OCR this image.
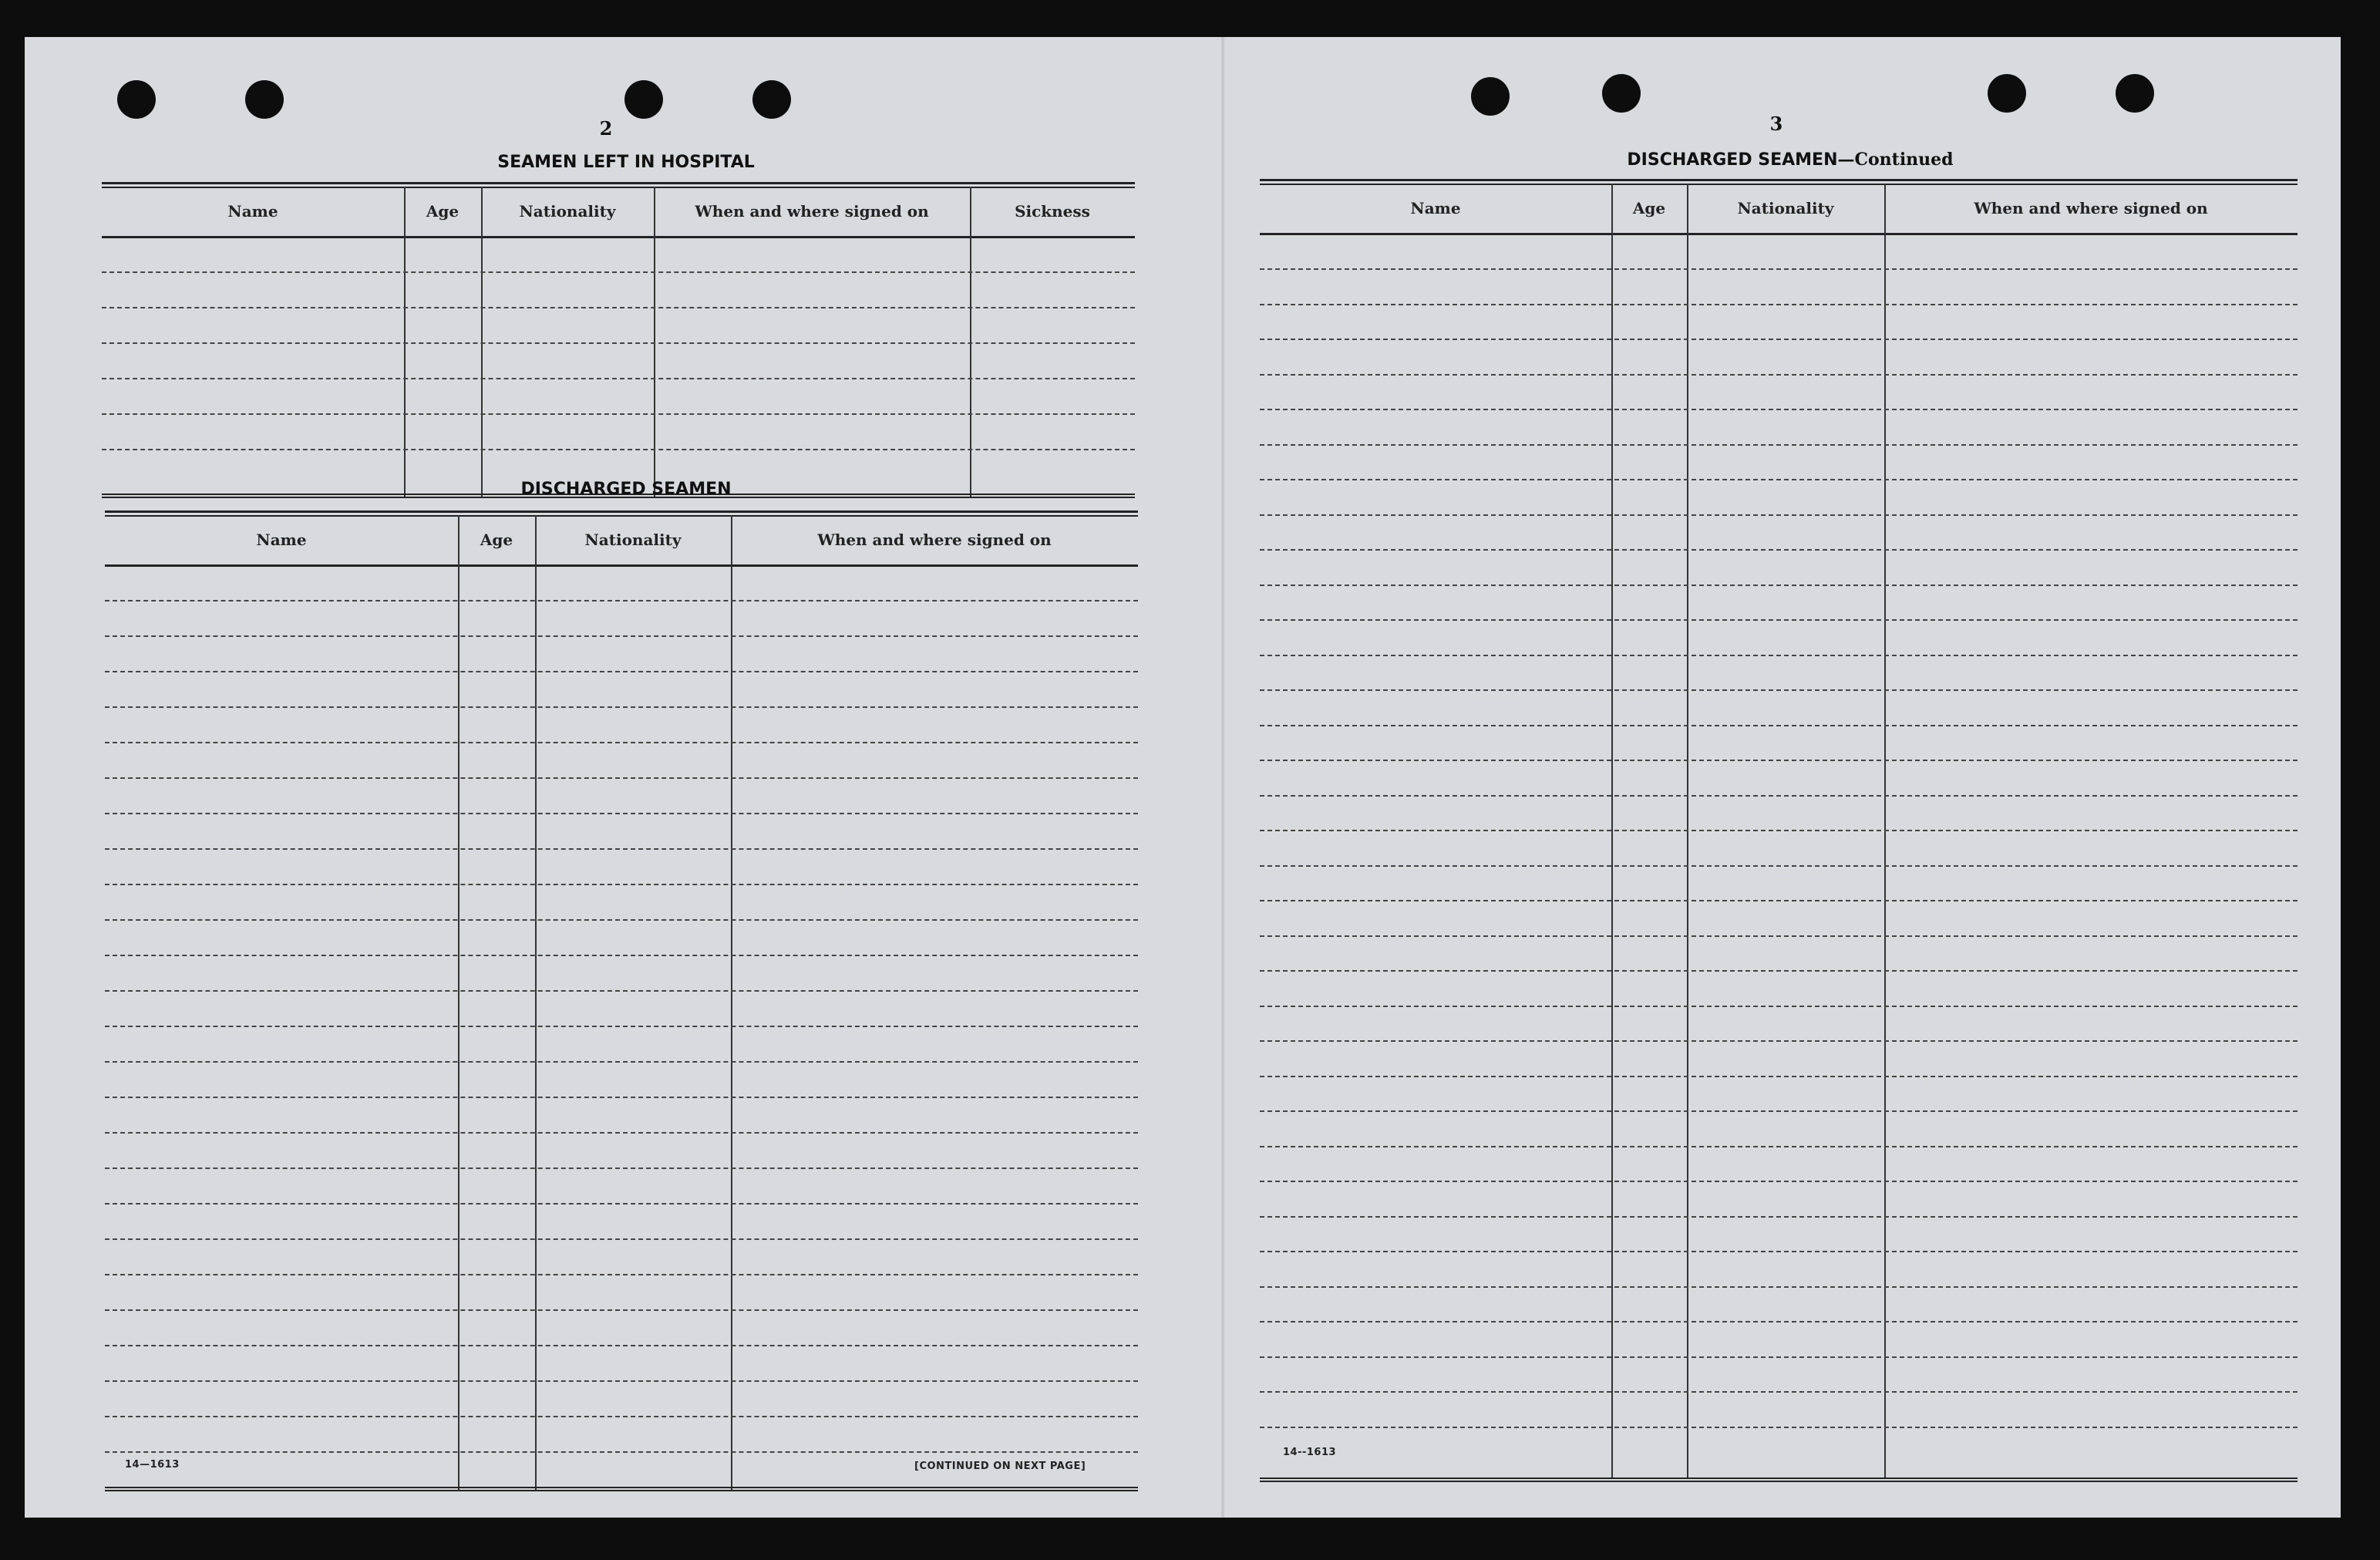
2
SEAMEN LEFT IN HOSPITAL
Name	Age	Nationality	When and where signed on	Sickness
DISCHARGED SEAMEN
Name	Age	Nationality	When and where signed on
14—1613	[CONTINUED ON NEXT PAGE]
3
DISCHARGED SEAMEN—Continued
Name	Age	Nationality	When and where signed on
14--1613
